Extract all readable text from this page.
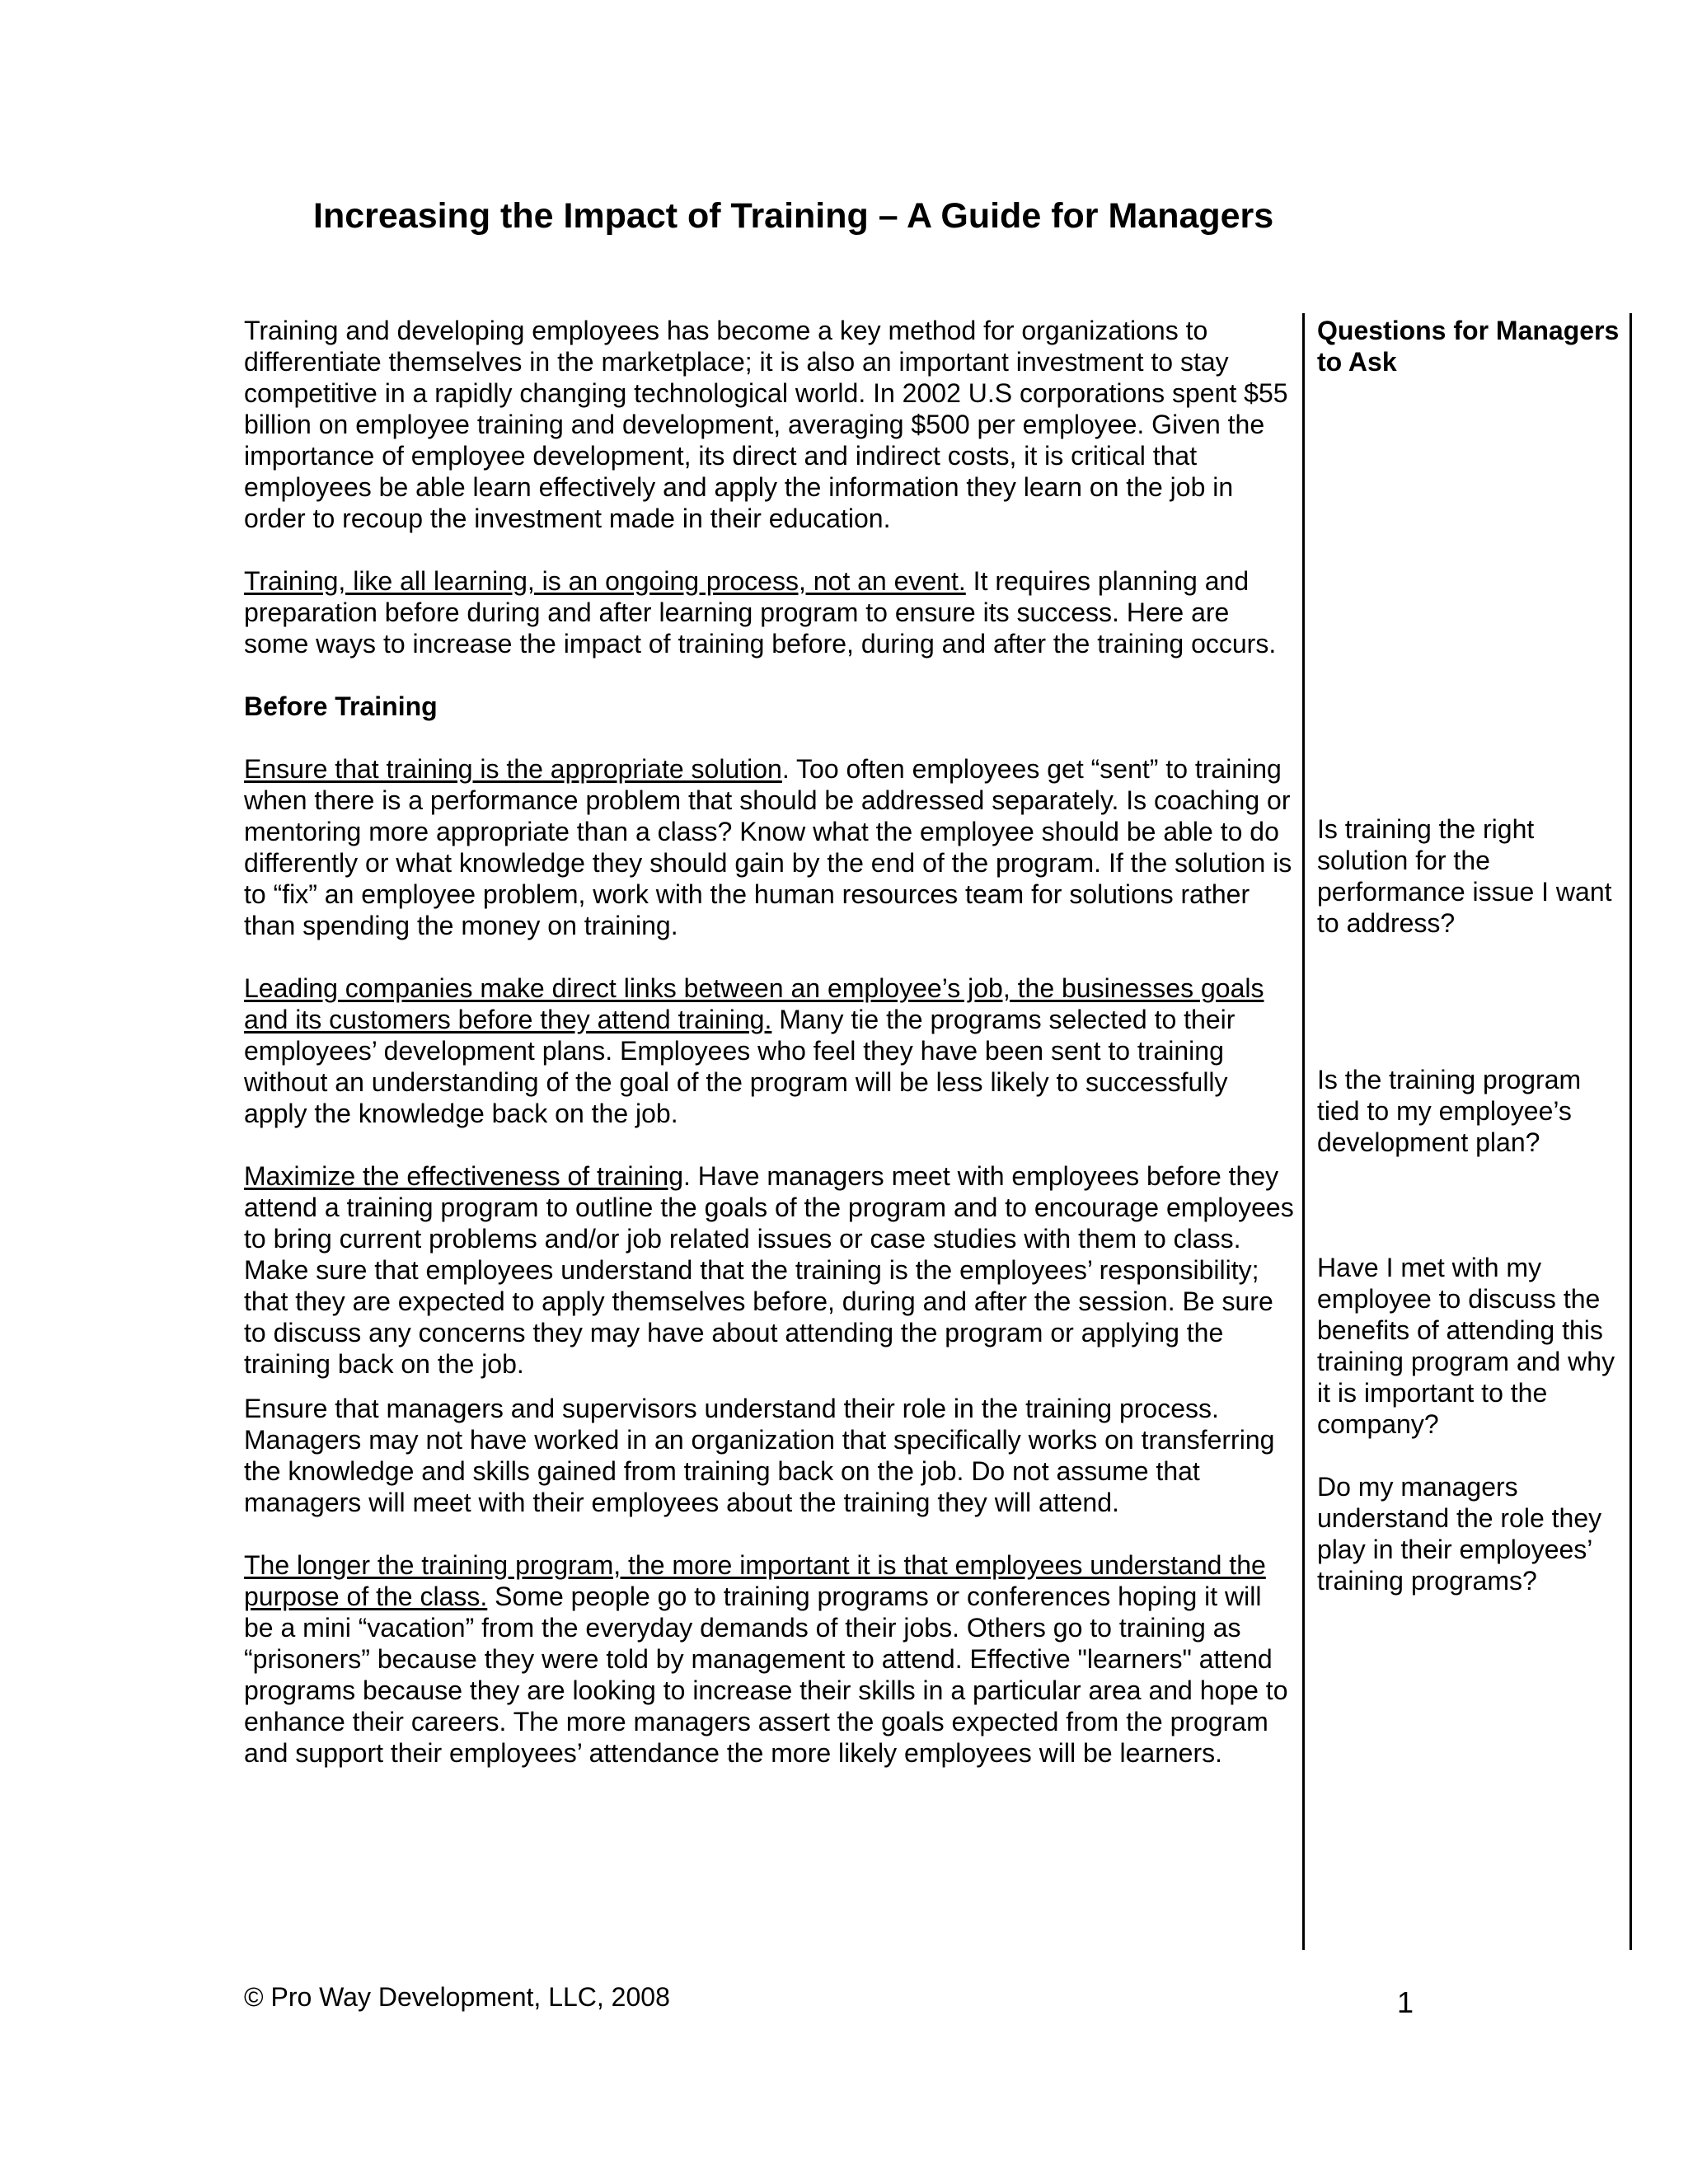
Increasing the Impact of Training – A Guide for Managers

Training and developing employees has become a key method for organizations to differentiate themselves in the marketplace; it is also an important investment to stay competitive in a rapidly changing technological world. In 2002 U.S corporations spent $55 billion on employee training and development, averaging $500 per employee. Given the importance of employee development, its direct and indirect costs, it is critical that employees be able learn effectively and apply the information they learn on the job in order to recoup the investment made in their education.

Training, like all learning, is an ongoing process, not an event. It requires planning and preparation before during and after learning program to ensure its success. Here are some ways to increase the impact of training before, during and after the training occurs.

Before Training

Ensure that training is the appropriate solution. Too often employees get “sent” to training when there is a performance problem that should be addressed separately. Is coaching or mentoring more appropriate than a class? Know what the employee should be able to do differently or what knowledge they should gain by the end of the program. If the solution is to “fix” an employee problem, work with the human resources team for solutions rather than spending the money on training.

Leading companies make direct links between an employee’s job, the businesses goals and its customers before they attend training. Many tie the programs selected to their employees’ development plans. Employees who feel they have been sent to training without an understanding of the goal of the program will be less likely to successfully apply the knowledge back on the job.

Maximize the effectiveness of training. Have managers meet with employees before they attend a training program to outline the goals of the program and to encourage employees to bring current problems and/or job related issues or case studies with them to class. Make sure that employees understand that the training is the employees’ responsibility; that they are expected to apply themselves before, during and after the session. Be sure to discuss any concerns they may have about attending the program or applying the training back on the job.

Ensure that managers and supervisors understand their role in the training process. Managers may not have worked in an organization that specifically works on transferring the knowledge and skills gained from training back on the job. Do not assume that managers will meet with their employees about the training they will attend.

The longer the training program, the more important it is that employees understand the purpose of the class. Some people go to training programs or conferences hoping it will be a mini “vacation” from the everyday demands of their jobs. Others go to training as “prisoners” because they were told by management to attend. Effective "learners" attend programs because they are looking to increase their skills in a particular area and hope to enhance their careers. The more managers assert the goals expected from the program and support their employees’ attendance the more likely employees will be learners.

Questions for Managers to Ask
Is training the right solution for the performance issue I want to address?
Is the training program tied to my employee’s development plan?
Have I met with my employee to discuss the benefits of attending this training program and why it is important to the company?
Do my managers understand the role they play in their employees’ training programs?
© Pro Way Development, LLC, 2008	1
